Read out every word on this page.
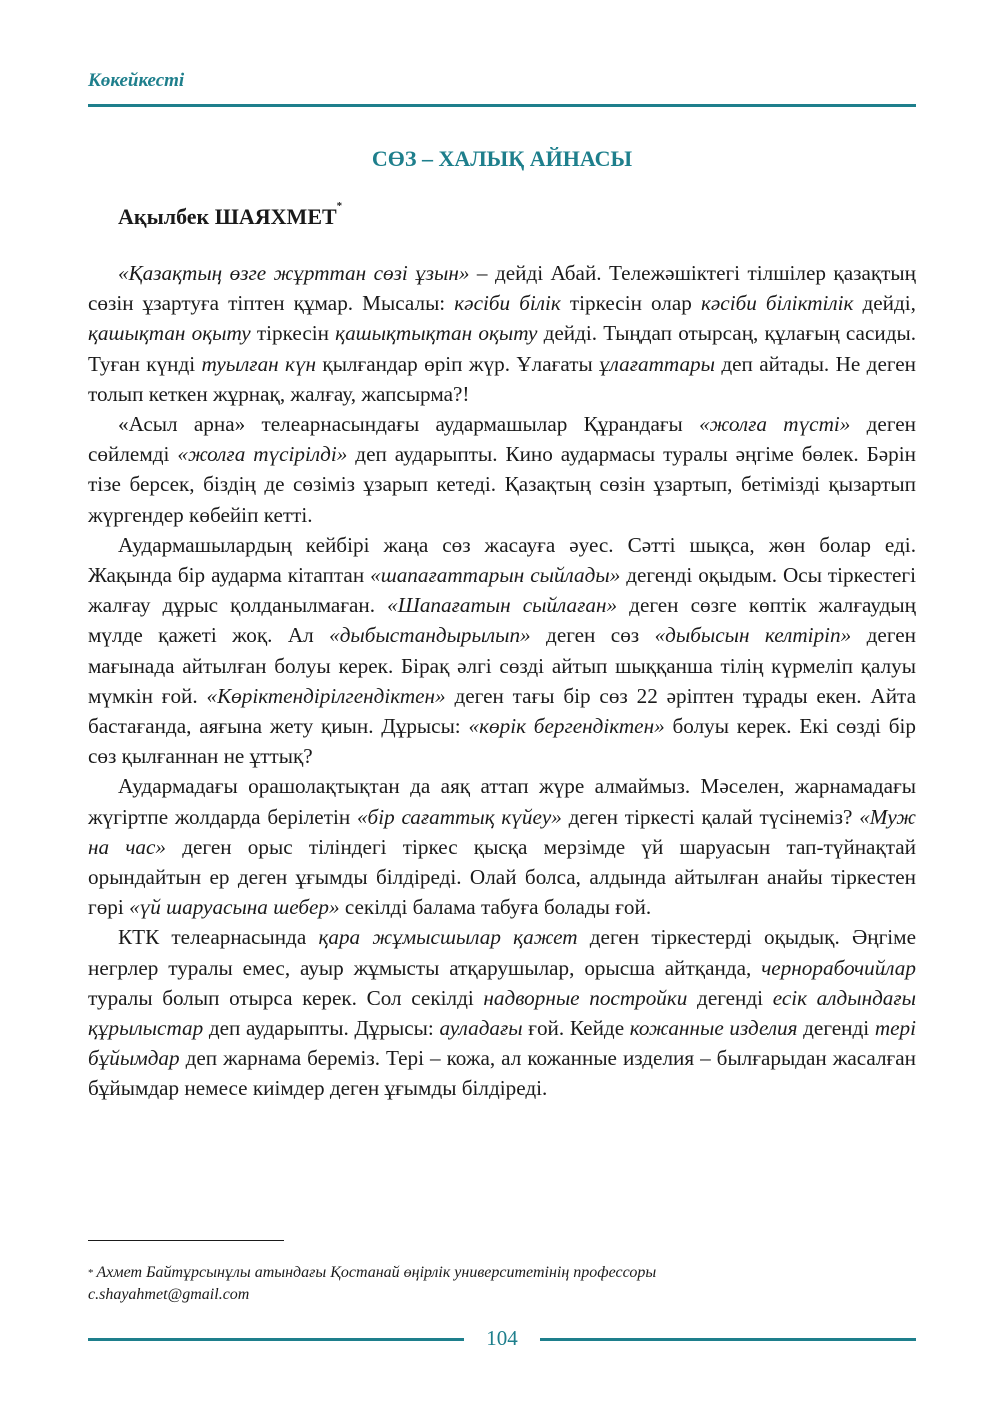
Көкейкесті
СӨЗ – ХАЛЫҚ АЙНАСЫ
Ақылбек ШАЯХМЕТ*

«Қазақтың өзге жұрттан сөзі ұзын» – дейді Абай. Тележәшіктегі тілшілер қазақтың сөзін ұзартуға тіптен құмар. Мысалы: кәсіби білік тіркесін олар кәсіби біліктілік дейді, қашықтан оқыту тіркесін қашықтықтан оқыту дейді. Тыңдап отырсаң, құлағың сасиды. Туған күнді туылған күн қылғандар өріп жүр. Ұлағаты ұлағаттары деп айтады. Не деген толып кеткен жұрнақ, жалғау, жапсырма?!

«Асыл арна» телеарнасындағы аудармашылар Құрандағы «жолға түсті» деген сөйлемді «жолға түсірілді» деп аударыпты. Кино аудармасы туралы әңгіме бөлек. Бәрін тізе берсек, біздің де сөзіміз ұзарып кетеді. Қазақтың сөзін ұзартып, бетімізді қызартып жүргендер көбейіп кетті.

Аудармашылардың кейбірі жаңа сөз жасауға әуес. Сәтті шықса, жөн болар еді. Жақында бір аударма кітаптан «шапағаттарын сыйлады» дегенді оқыдым. Осы тіркестегі жалғау дұрыс қолданылмаған. «Шапағатын сыйлаған» деген сөзге көптік жалғаудың мүлде қажеті жоқ. Ал «дыбыстандырылып» деген сөз «дыбысын келтіріп» деген мағынада айтылған болуы керек. Бірақ әлгі сөзді айтып шыққанша тілің күрмеліп қалуы мүмкін ғой. «Көріктендірілгендіктен» деген тағы бір сөз 22 әріптен тұрады екен. Айта бастағанда, аяғына жету қиын. Дұрысы: «көрік бергендіктен» болуы керек. Екі сөзді бір сөз қылғаннан не ұттық?

Аудармадағы орашолақтықтан да аяқ аттап жүре алмаймыз. Мәселен, жарнамадағы жүгіртпе жолдарда берілетін «бір сағаттық күйеу» деген тіркесті қалай түсінеміз? «Муж на час» деген орыс тіліндегі тіркес қысқа мерзімде үй шаруасын тап-түйнақтай орындайтын ер деген ұғымды білдіреді. Олай болса, алдында айтылған анайы тіркестен гөрі «үй шаруасына шебер» секілді балама табуға болады ғой.

КТК телеарнасында қара жұмысшылар қажет деген тіркестерді оқыдық. Әңгіме негрлер туралы емес, ауыр жұмысты атқарушылар, орысша айтқанда, чернорабочийлар туралы болып отырса керек. Сол секілді надворные постройки дегенді есік алдындағы құрылыстар деп аударыпты. Дұрысы: ауладағы ғой. Кейде кожанные изделия дегенді тері бұйымдар деп жарнама береміз. Тері – кожа, ал кожанные изделия – былғарыдан жасалған бұйымдар немесе киімдер деген ұғымды білдіреді.

* Ахмет Байтұрсынұлы атындағы Қостанай өңірлік университетінің профессоры
c.shayahmet@gmail.com
104
